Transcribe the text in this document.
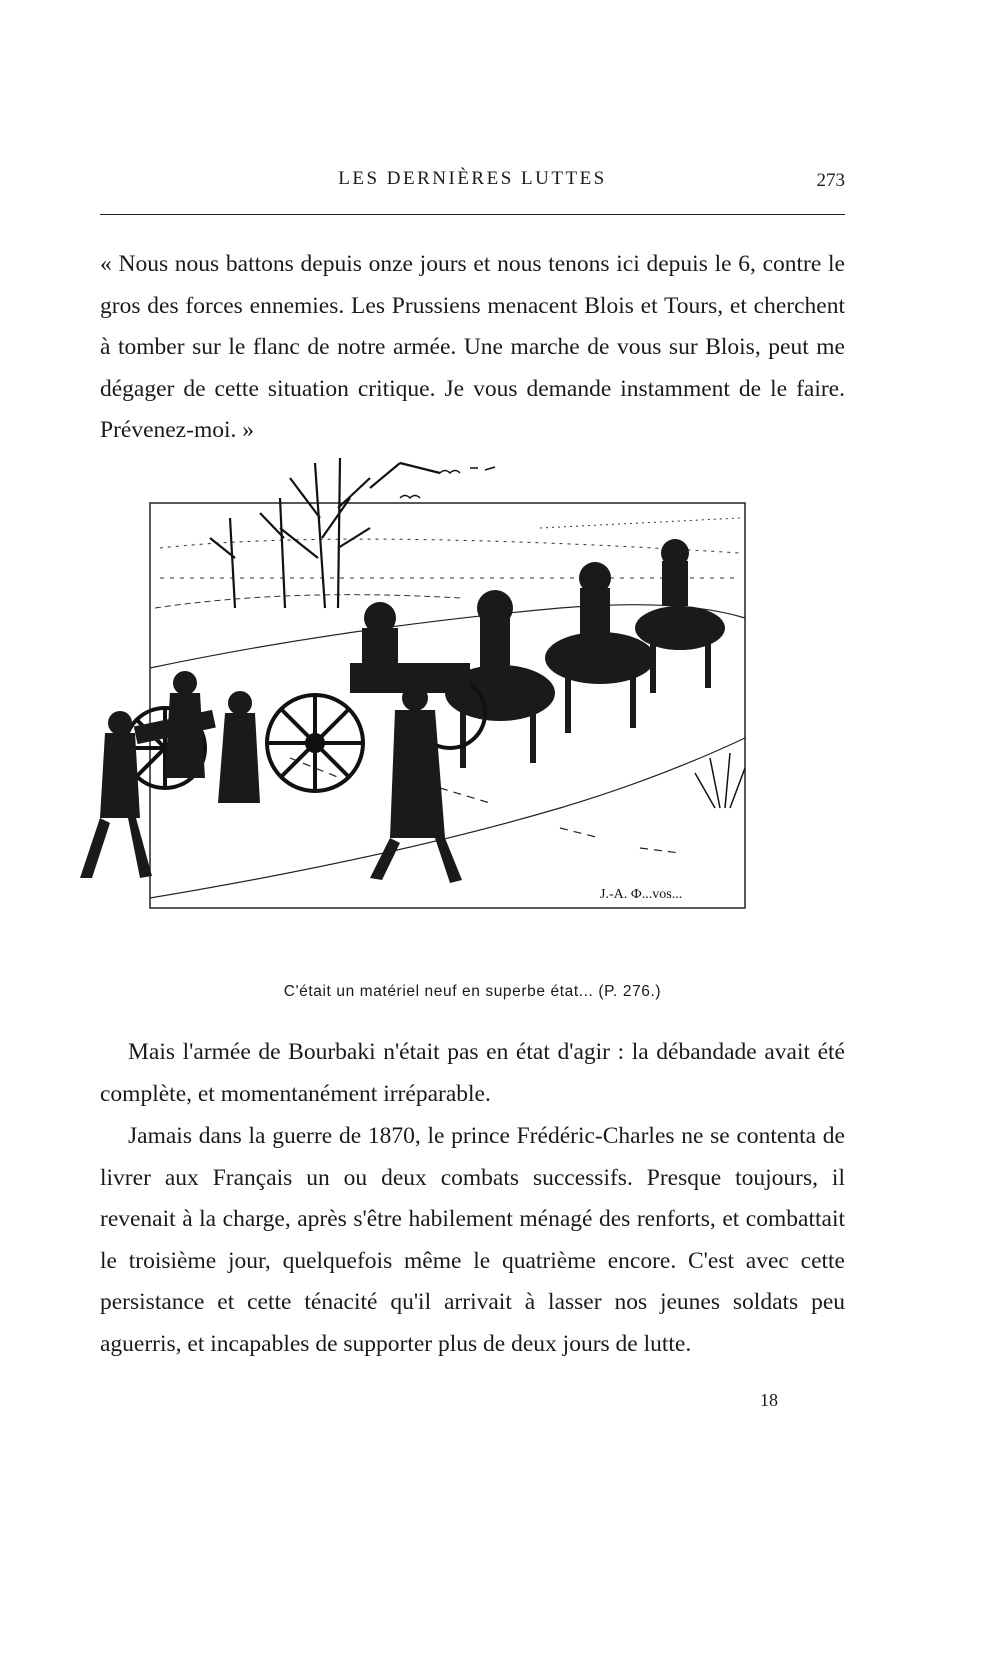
LES DERNIÈRES LUTTES	273

« Nous nous battons depuis onze jours et nous tenons ici depuis le 6, contre le gros des forces ennemies. Les Prussiens menacent Blois et Tours, et cherchent à tomber sur le flanc de notre armée. Une marche de vous sur Blois, peut me dégager de cette situation critique. Je vous demande instamment de le faire. Prévenez-moi. »

J.-A. Ф...vos...
C'était un matériel neuf en superbe état... (P. 276.)

Mais l'armée de Bourbaki n'était pas en état d'agir : la débandade avait été complète, et momentanément irréparable.

Jamais dans la guerre de 1870, le prince Frédéric-Charles ne se contenta de livrer aux Français un ou deux combats successifs. Presque toujours, il revenait à la charge, après s'être habilement ménagé des renforts, et combattait le troisième jour, quelquefois même le quatrième encore. C'est avec cette persistance et cette ténacité qu'il arrivait à lasser nos jeunes soldats peu aguerris, et incapables de supporter plus de deux jours de lutte.

18
